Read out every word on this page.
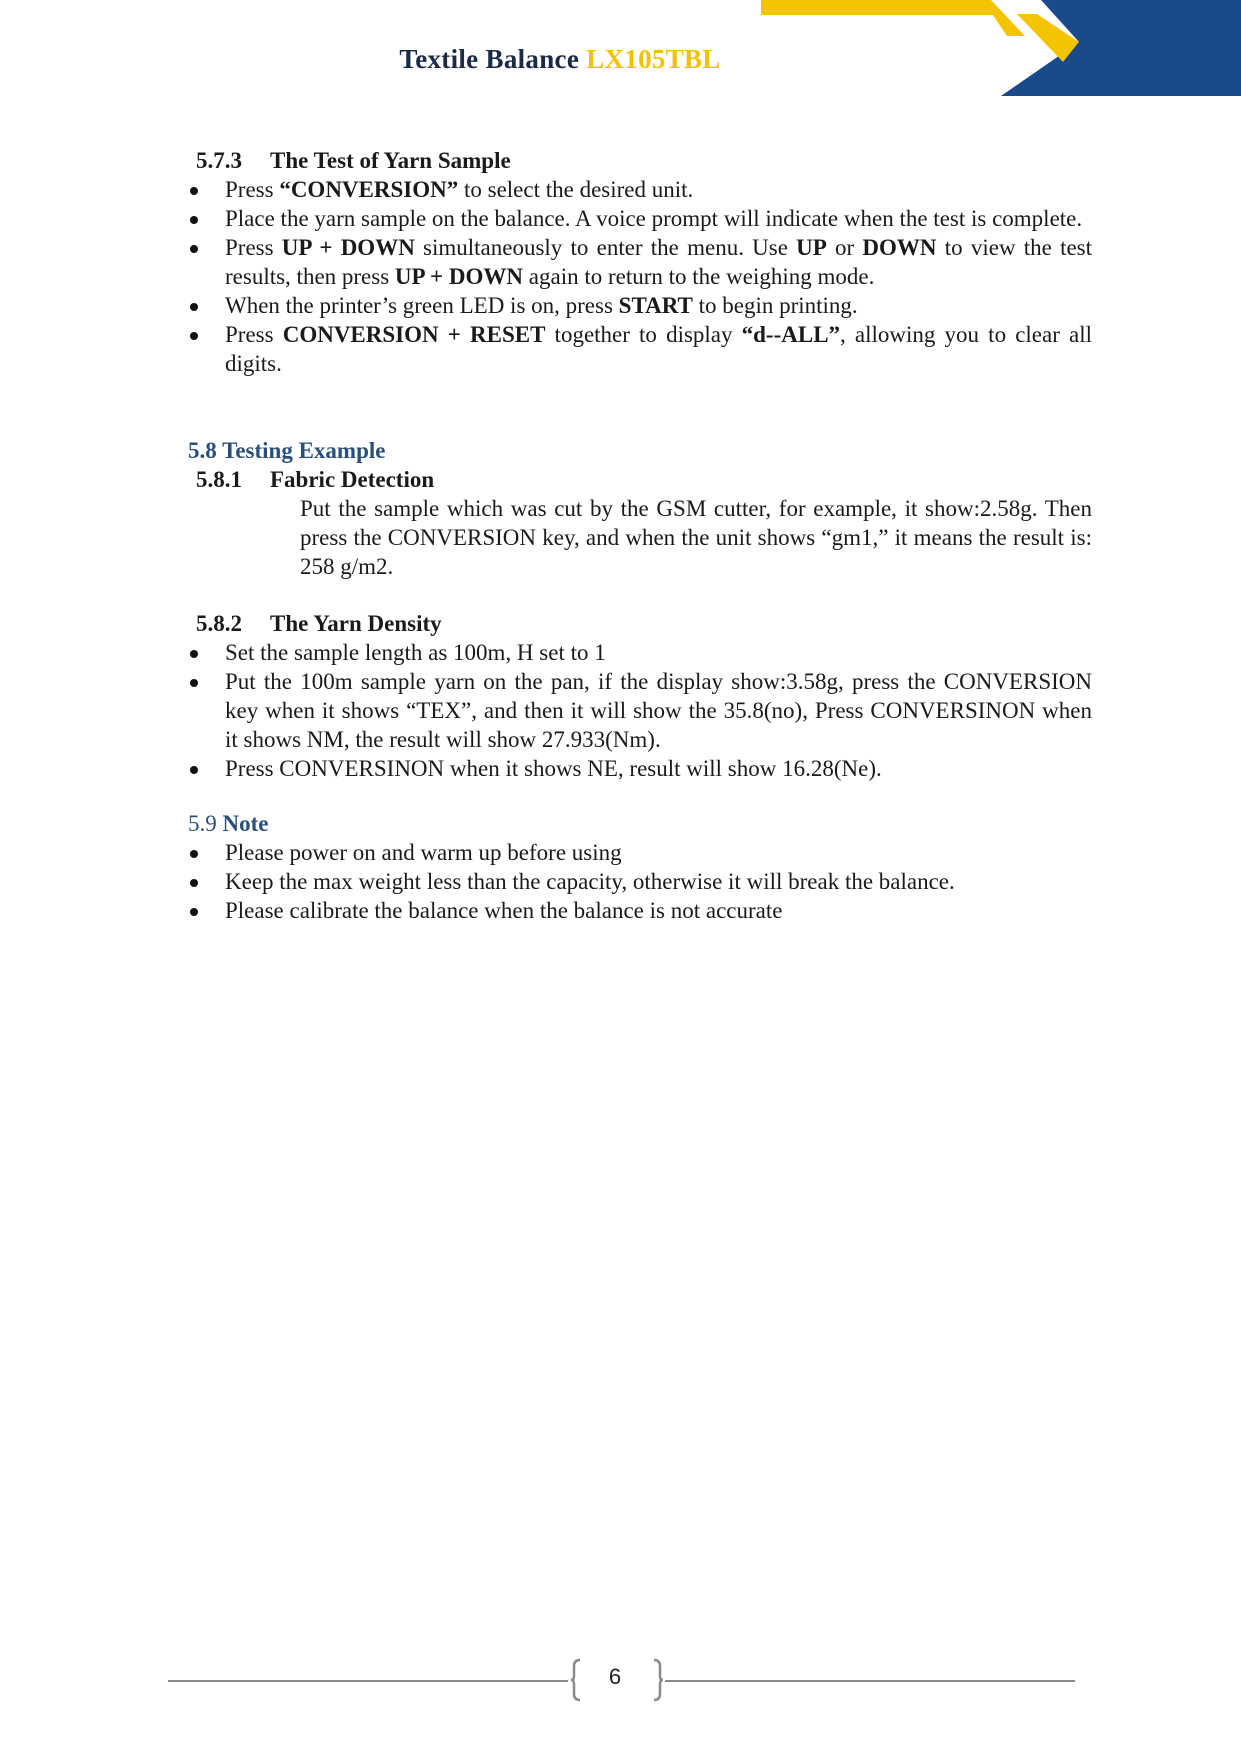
Textile Balance LX105TBL
5.7.3 The Test of Yarn Sample
Press “CONVERSION” to select the desired unit.
Place the yarn sample on the balance. A voice prompt will indicate when the test is complete.
Press UP + DOWN simultaneously to enter the menu. Use UP or DOWN to view the test results, then press UP + DOWN again to return to the weighing mode.
When the printer’s green LED is on, press START to begin printing.
Press CONVERSION + RESET together to display “d--ALL”, allowing you to clear all digits.
5.8 Testing Example
5.8.1 Fabric Detection
Put the sample which was cut by the GSM cutter, for example, it show:2.58g. Then press the CONVERSION key, and when the unit shows “gm1,” it means the result is: 258 g/m2.
5.8.2 The Yarn Density
Set the sample length as 100m, H set to 1
Put the 100m sample yarn on the pan, if the display show:3.58g, press the CONVERSION key when it shows “TEX”, and then it will show the 35.8(no), Press CONVERSINON when it shows NM, the result will show 27.933(Nm).
Press CONVERSINON when it shows NE, result will show 16.28(Ne).
5.9 Note
Please power on and warm up before using
Keep the max weight less than the capacity, otherwise it will break the balance.
Please calibrate the balance when the balance is not accurate
6
